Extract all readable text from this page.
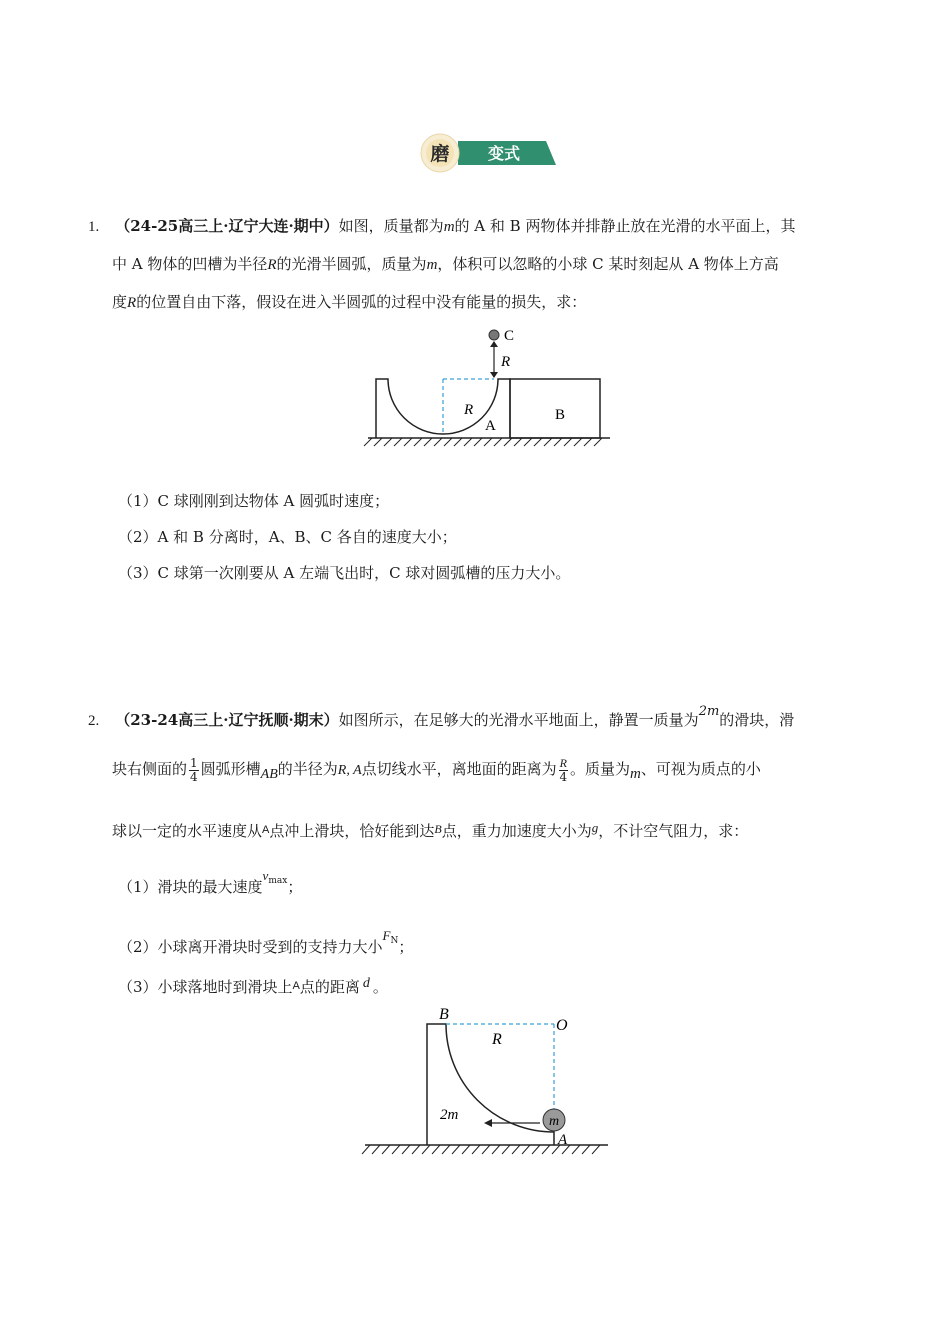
磨 变式
1. （24-25高三上·辽宁大连·期中）如图，质量都为m的 A 和 B 两物体并排静止放在光滑的水平面上，其
中 A 物体的凹槽为半径R的光滑半圆弧，质量为m，体积可以忽略的小球 C 某时刻起从 A 物体上方高
度R的位置自由下落，假设在进入半圆弧的过程中没有能量的损失，求：
C
R
R
A
B
（1）C 球刚刚到达物体 A 圆弧时速度；
（2）A 和 B 分离时，A、B、C 各自的速度大小；
（3）C 球第一次刚要从 A 左端飞出时，C 球对圆弧槽的压力大小。
2. （23-24高三上·辽宁抚顺·期末）如图所示，在足够大的光滑水平地面上，静置一质量为2m的滑块，滑
块右侧面的 $\frac{1}{4}$ 圆弧形槽AB的半径为R, A点切线水平，离地面的距离为 $\frac{R}{4}$ 。质量为m、可视为质点的小
球以一定的水平速度从$^A$点冲上滑块，恰好能到达$^B$点，重力加速度大小为g，不计空气阻力，求：
（1）滑块的最大速度$v_{max}$；
（2）小球离开滑块时受到的支持力大小$F_N$；
（3）小球落地时到滑块上$^A$点的距离 d 。
B
O
R
2m	m
A
